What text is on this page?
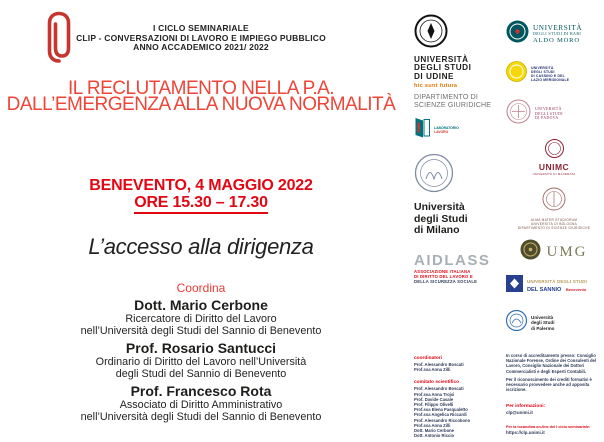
I CICLO SEMINARIALE
CLIP - CONVERSAZIONI DI LAVORO E IMPIEGO PUBBLICO
ANNO ACCADEMICO 2021/ 2022
IL RECLUTAMENTO NELLA P.A.
DALL’EMERGENZA ALLA NUOVA NORMALITÀ
BENEVENTO, 4 MAGGIO 2022
ORE 15.30 – 17.30
L’accesso alla dirigenza
Coordina
Dott. Mario Cerbone
Ricercatore di Diritto del Lavoro
nell’Università degli Studi del Sannio di Benevento
Prof. Rosario Santucci
Ordinario di Diritto del Lavoro nell’Università
degli Studi del Sannio di Benevento
Prof. Francesco Rota
Associato di Diritto Amministrativo
nell’Università degli Studi del Sannio di Benevento
UNIVERSITÀ
DEGLI STUDI
DI UDINE
hic sunt futura
DIPARTIMENTO DI
SCIENZE GIURIDICHE
LABORATORIO
LAVORO
Università
degli Studi
di Milano
AIDLASS
ASSOCIAZIONE ITALIANA
DI DIRITTO DEL LAVORO E
DELLA SICUREZZA SOCIALE
UNIVERSITÀ
DEGLI STUDI DI BARI
ALDO MORO
UNIVERSITÀ
DEGLI STUDI
DI CASSINO E DEL
LAZIO MERIDIONALE
UNIVERSITÀ
DEGLI STUDI
DI PADOVA
UNIMC
UNIVERSITÀ DI MACERATA
ALMA MATER STUDIORUM
UNIVERSITÀ DI BOLOGNA
DIPARTIMENTO DI SCIENZE GIURIDICHE
UMG
UNIVERSITÀ DEGLI STUDI
DEL SANNIO Benevento
Università
degli Studi
di Palermo
coordinatori
Prof. Alessandro Boscati
Prof.ssa Anna Zilli
comitato scientifico
Prof. Alessandro Boscati
Prof.ssa Anna Trojsi
Prof. Davide Casale
Prof. Filippo Olivelli
Prof.ssa Elena Pasqualetto
Prof.ssa Angelica Riccardi
Prof. Alessandro Riccobono
Prof.ssa Anna Zilli
Dott. Mario Cerbone
Dott. Antonio Riccio
In corso di accreditamento presso: Consiglio Nazionale Forense, Ordine dei Consulenti del Lavoro, Consiglio Nazionale dei Dottori Commercialisti e degli Esperti Contabili.
Per il riconoscimento dei crediti formativi è necessario provvedere anche ad apposita iscrizione.
Per informazioni:
clp@unimi.it
Per la locandina on-line del I ciclo seminariale:
https://clp.unimi.it
